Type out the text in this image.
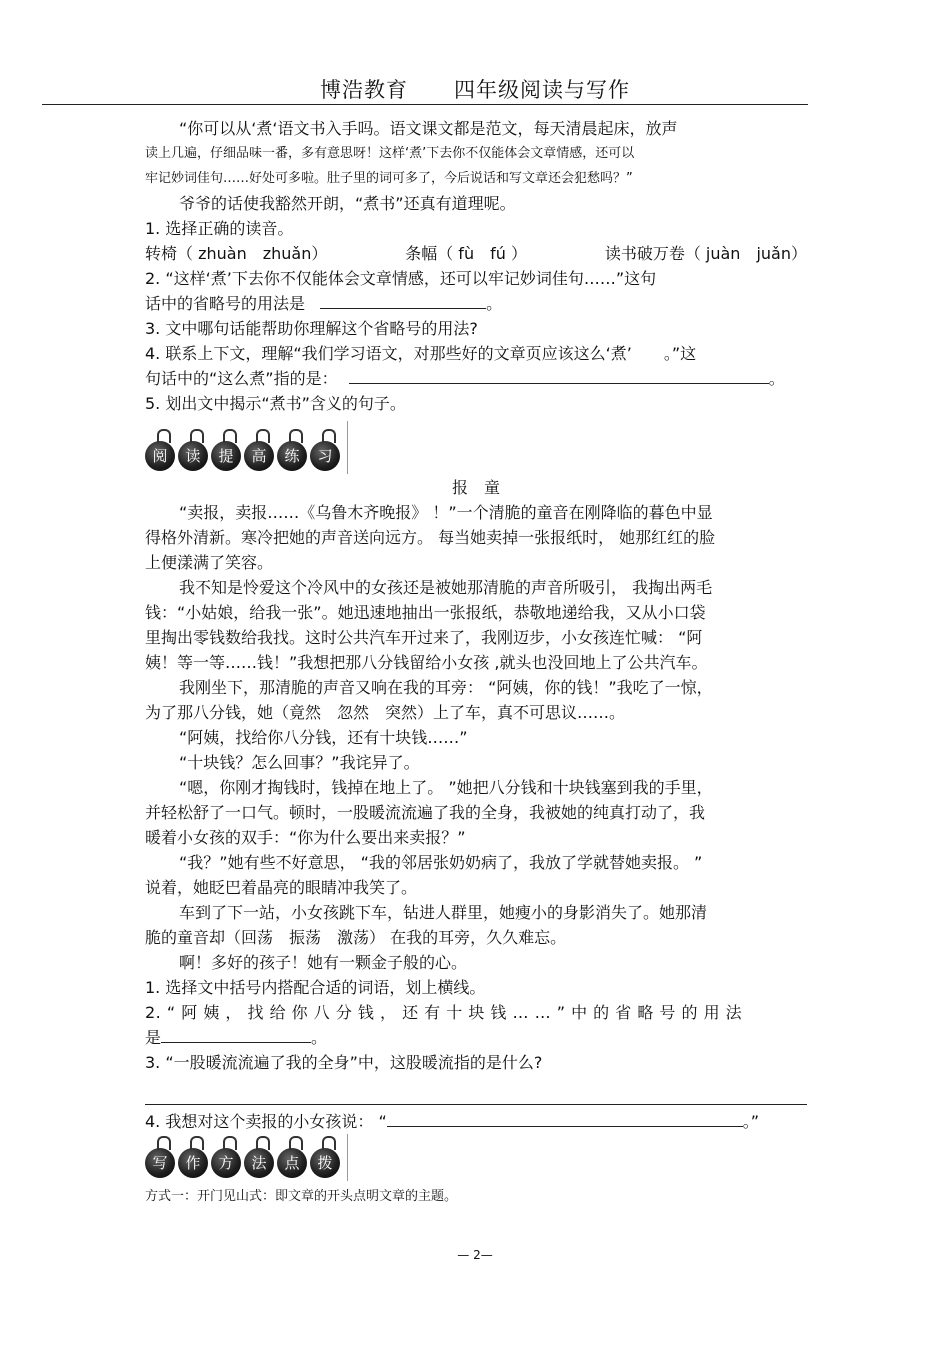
博浩教育 四年级阅读与写作
“你可以从‘煮‘语文书入手吗。语文课文都是范文，每天清晨起床，放声
读上几遍，仔细品味一番，多有意思呀！这样‘煮’下去你不仅能体会文章情感，还可以
牢记妙词佳句……好处可多啦。肚子里的词可多了，今后说话和写文章还会犯愁吗？”
爷爷的话使我豁然开朗，“煮书”还真有道理呢。
1. 选择正确的读音。
转椅（ zhuàn　zhuǎn）	条幅（ fù　fú ）	读书破万卷（ juàn　juǎn）
2. “这样‘煮’下去你不仅能体会文章情感，还可以牢记妙词佳句……”这句
话中的省略号的用法是	。
3. 文中哪句话能帮助你理解这个省略号的用法?
4. 联系上下文，理解“我们学习语文，对那些好的文章页应该这么‘煮’　　。”这
句话中的“这么煮”指的是：	。
5. 划出文中揭示“煮书”含义的句子。
阅	读	提	高	练	习
报　童
“卖报，卖报……《乌鲁木齐晚报》 ！”一个清脆的童音在刚降临的暮色中显
得格外清新。寒冷把她的声音送向远方。 每当她卖掉一张报纸时， 她那红红的脸
上便漾满了笑容。
我不知是怜爱这个冷风中的女孩还是被她那清脆的声音所吸引， 我掏出两毛
钱：“小姑娘，给我一张”。她迅速地抽出一张报纸，恭敬地递给我，又从小口袋
里掏出零钱数给我找。这时公共汽车开过来了，我刚迈步，小女孩连忙喊： “阿
姨！等一等……钱！”我想把那八分钱留给小女孩 ,就头也没回地上了公共汽车。
我刚坐下，那清脆的声音又响在我的耳旁： “阿姨，你的钱！”我吃了一惊，
为了那八分钱，她（竟然　忽然　突然）上了车，真不可思议……。
“阿姨，找给你八分钱，还有十块钱……”
“十块钱？怎么回事？”我诧异了。
“嗯，你刚才掏钱时，钱掉在地上了。 ”她把八分钱和十块钱塞到我的手里，
并轻松舒了一口气。顿时，一股暖流流遍了我的全身，我被她的纯真打动了，我
暖着小女孩的双手：“你为什么要出来卖报？”
“我？”她有些不好意思， “我的邻居张奶奶病了，我放了学就替她卖报。 ”
说着，她眨巴着晶亮的眼睛冲我笑了。
车到了下一站，小女孩跳下车，钻进人群里，她瘦小的身影消失了。她那清
脆的童音却（回荡　振荡　激荡） 在我的耳旁，久久难忘。
啊！多好的孩子！她有一颗金子般的心。
1. 选择文中括号内搭配合适的词语，划上横线。
2. “ 阿 姨 ， 找 给 你 八 分 钱 ， 还 有 十 块 钱 … … ” 中 的 省 略 号 的 用 法
是	。
3. “一股暖流流遍了我的全身”中，这股暖流指的是什么?
4. 我想对这个卖报的小女孩说： “	。”
写	作	方	法	点	拨
方式一：开门见山式：即文章的开头点明文章的主题。
— 2—
